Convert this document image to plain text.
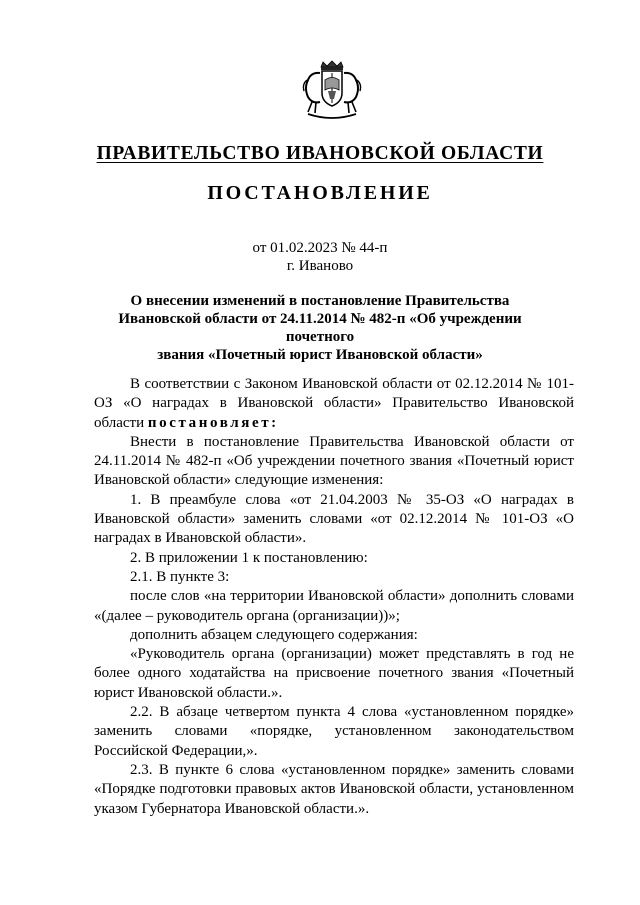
ПРАВИТЕЛЬСТВО ИВАНОВСКОЙ ОБЛАСТИ
ПОСТАНОВЛЕНИЕ
от 01.02.2023 № 44-п
г. Иваново
О внесении изменений в постановление Правительства
Ивановской области от 24.11.2014 № 482-п «Об учреждении почетного
звания «Почетный юрист Ивановской области»

В соответствии с Законом Ивановской области от 02.12.2014 № 101-ОЗ «О наградах в Ивановской области» Правительство Ивановской области постановляет:

Внести в постановление Правительства Ивановской области от 24.11.2014 № 482-п «Об учреждении почетного звания «Почетный юрист Ивановской области» следующие изменения:

1. В преамбуле слова «от 21.04.2003 № 35-ОЗ «О наградах в Ивановской области» заменить словами «от 02.12.2014 № 101-ОЗ «О наградах в Ивановской области».

2. В приложении 1 к постановлению:

2.1. В пункте 3:

после слов «на территории Ивановской области» дополнить словами «(далее – руководитель органа (организации))»;

дополнить абзацем следующего содержания:

«Руководитель органа (организации) может представлять в год не более одного ходатайства на присвоение почетного звания «Почетный юрист Ивановской области.».

2.2. В абзаце четвертом пункта 4 слова «установленном порядке» заменить словами «порядке, установленном законодательством Российской Федерации,».

2.3. В пункте 6 слова «установленном порядке» заменить словами «Порядке подготовки правовых актов Ивановской области, установленном указом Губернатора Ивановской области.».
